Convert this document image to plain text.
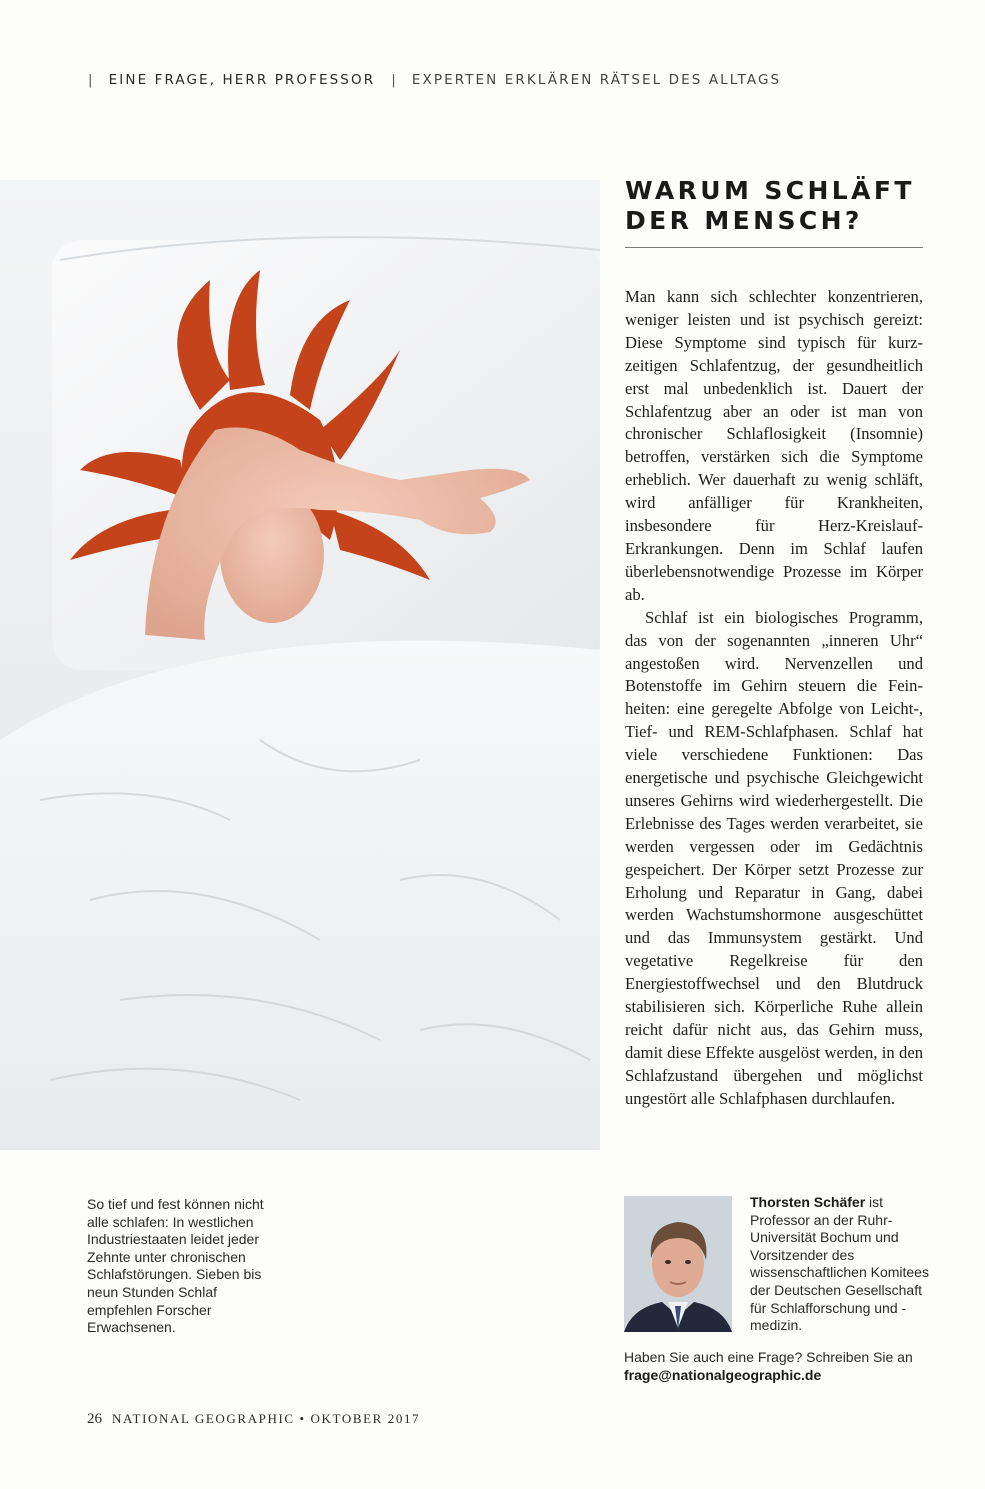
| EINE FRAGE, HERR PROFESSOR | EXPERTEN ERKLÄREN RÄTSEL DES ALLTAGS
WARUM SCHLÄFT
DER MENSCH?

Man kann sich schlechter konzentrieren, weniger leisten und ist psychisch gereizt: Diese Symptome sind typisch für kurzzeitigen Schlafentzug, der gesundheitlich erst mal unbedenklich ist. Dauert der Schlafentzug aber an oder ist man von chronischer Schlaflosigkeit (Insomnie) betroffen, verstärken sich die Symptome erheblich. Wer dauerhaft zu wenig schläft, wird anfälliger für Krankheiten, insbesondere für Herz-Kreislauf-Erkrankungen. Denn im Schlaf laufen überlebensnotwendige Prozesse im Körper ab.

Schlaf ist ein biologisches Programm, das von der sogenannten „inneren Uhr“ angestoßen wird. Nervenzellen und Botenstoffe im Gehirn steuern die Feinheiten: eine geregelte Abfolge von Leicht-, Tief- und REM-Schlafphasen. Schlaf hat viele verschiedene Funktionen: Das energetische und psychische Gleichgewicht unseres Gehirns wird wiederhergestellt. Die Erlebnisse des Tages werden verarbeitet, sie werden vergessen oder im Gedächtnis gespeichert. Der Körper setzt Prozesse zur Erholung und Reparatur in Gang, dabei werden Wachstumshormone ausgeschüttet und das Immunsystem gestärkt. Und vegetative Regelkreise für den Energiestoffwechsel und den Blutdruck stabilisieren sich. Körperliche Ruhe allein reicht dafür nicht aus, das Gehirn muss, damit diese Effekte ausgelöst werden, in den Schlafzustand übergehen und möglichst ungestört alle Schlafphasen durchlaufen.

So tief und fest können nicht alle schlafen: In westlichen Industriestaaten leidet jeder Zehnte unter chronischen Schlafstörungen. Sieben bis neun Stunden Schlaf empfehlen Forscher Erwachsenen.
Thorsten Schäfer ist Professor an der Ruhr-Universität Bochum und Vorsitzender des wissenschaftlichen Komitees der Deutschen Gesellschaft für Schlafforschung und -medizin.
Haben Sie auch eine Frage? Schreiben Sie an frage@nationalgeographic.de
26 NATIONAL GEOGRAPHIC • OKTOBER 2017
